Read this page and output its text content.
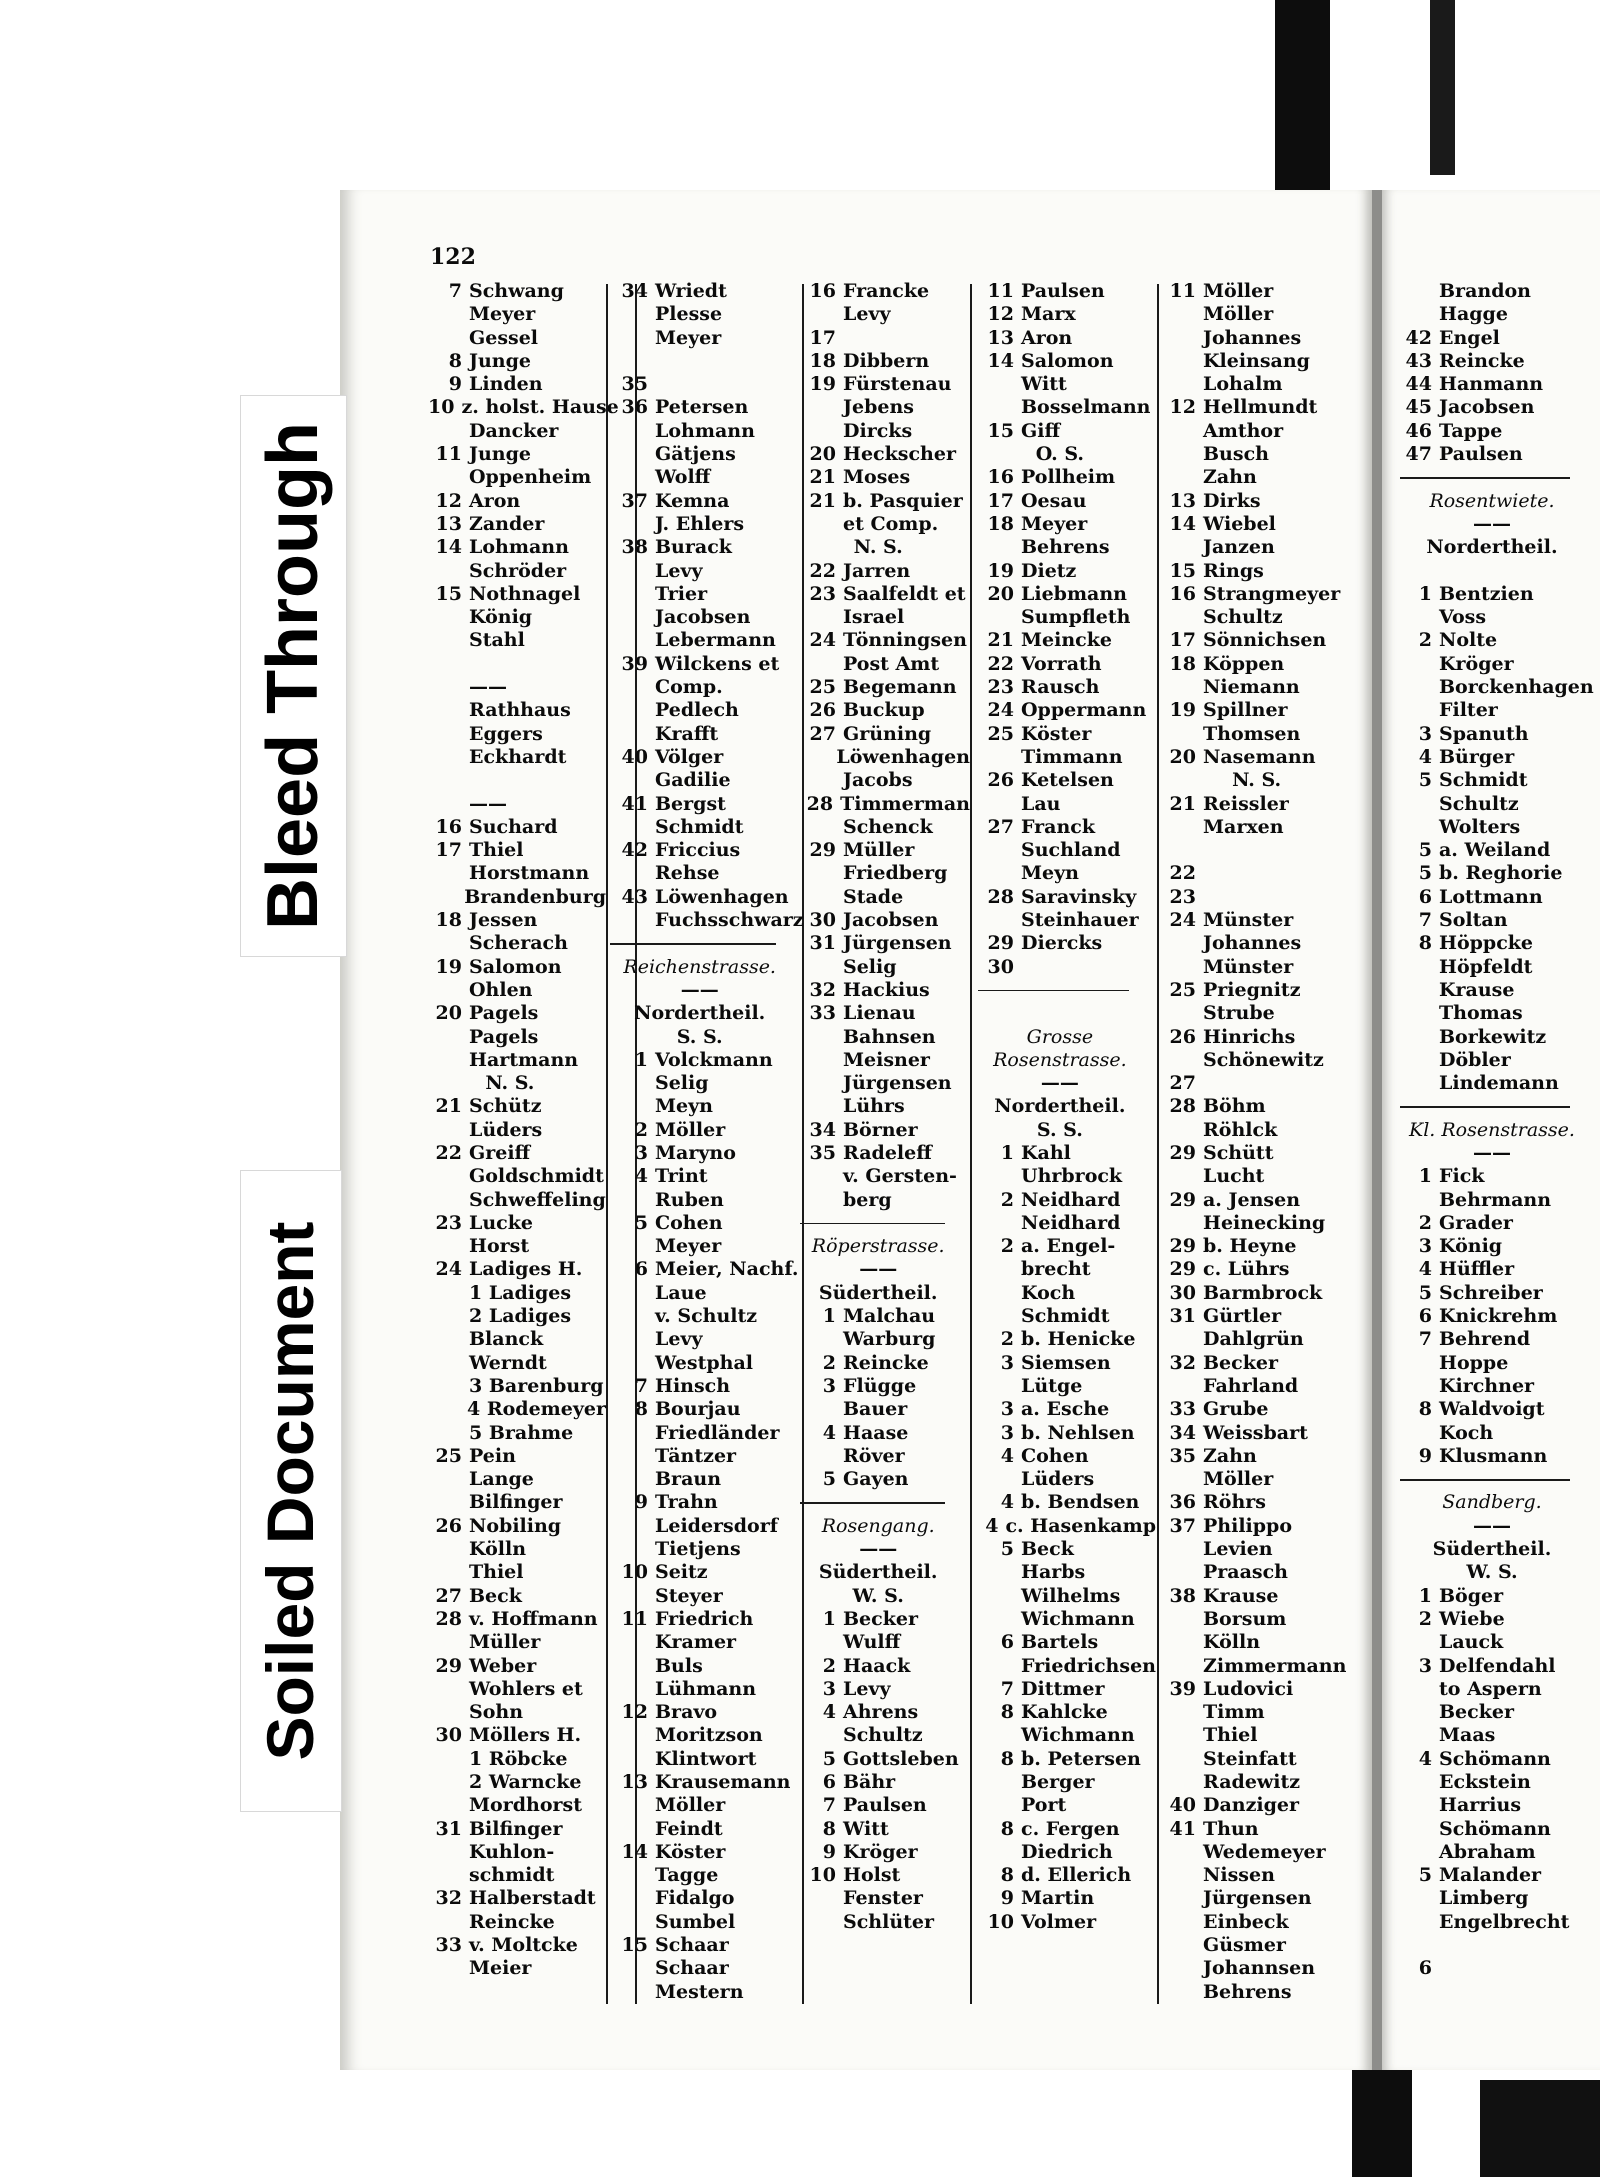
Bleed Through
Soiled Document
122
7 Schwang
Meyer
Gessel
8 Junge
9 Linden
10 z. holst. Hause
Dancker
11 Junge
Oppenheim
12 Aron
13 Zander
14 Lohmann
Schröder
15 Nothnagel
König
Stahl
——
Rathhaus
Eggers
Eckhardt
——
16 Suchard
17 Thiel
Horstmann
Brandenburg
18 Jessen
Scherach
19 Salomon
Ohlen
20 Pagels
Pagels
Hartmann
N. S.
21 Schütz
Lüders
22 Greiff
Goldschmidt
Schweffeling
23 Lucke
Horst
24 Ladiges H.
1 Ladiges
2 Ladiges
Blanck
Werndt
3 Barenburg
4 Rodemeyer
5 Brahme
25 Pein
Lange
Bilfinger
26 Nobiling
Kölln
Thiel
27 Beck
28 v. Hoffmann
Müller
29 Weber
Wohlers et
Sohn
30 Möllers H.
1 Röbcke
2 Warncke
Mordhorst
31 Bilfinger
Kuhlon-
schmidt
32 Halberstadt
Reincke
33 v. Moltcke
Meier
34 Wriedt
Plesse
Meyer
35
36 Petersen
Lohmann
Gätjens
Wolff
37 Kemna
J. Ehlers
38 Burack
Levy
Trier
Jacobsen
Lebermann
39 Wilckens et
Comp.
Pedlech
Krafft
40 Völger
Gadilie
41 Bergst
Schmidt
42 Friccius
Rehse
43 Löwenhagen
Fuchsschwarz
Reichenstrasse.
——
Nordertheil.
S. S.
1 Volckmann
Selig
Meyn
2 Möller
3 Maryno
4 Trint
Ruben
5 Cohen
Meyer
6 Meier, Nachf.
Laue
v. Schultz
Levy
Westphal
7 Hinsch
8 Bourjau
Friedländer
Täntzer
Braun
9 Trahn
Leidersdorf
Tietjens
10 Seitz
Steyer
11 Friedrich
Kramer
Buls
Lühmann
12 Bravo
Moritzson
Klintwort
13 Krausemann
Möller
Feindt
14 Köster
Tagge
Fidalgo
Sumbel
15 Schaar
Schaar
Mestern
16 Francke
Levy
17
18 Dibbern
19 Fürstenau
Jebens
Dircks
20 Heckscher
21 Moses
21 b. Pasquier
et Comp.
N. S.
22 Jarren
23 Saalfeldt et
Israel
24 Tönningsen
Post Amt
25 Begemann
26 Buckup
27 Grüning
Löwenhagen
Jacobs
28 Timmerman
Schenck
29 Müller
Friedberg
Stade
30 Jacobsen
31 Jürgensen
Selig
32 Hackius
33 Lienau
Bahnsen
Meisner
Jürgensen
Lührs
34 Börner
35 Radeleff
v. Gersten-
berg
Röperstrasse.
——
Südertheil.
1 Malchau
Warburg
2 Reincke
3 Flügge
Bauer
4 Haase
Röver
5 Gayen
Rosengang.
——
Südertheil.
W. S.
1 Becker
Wulff
2 Haack
3 Levy
4 Ahrens
Schultz
5 Gottsleben
6 Bähr
7 Paulsen
8 Witt
9 Kröger
10 Holst
Fenster
Schlüter
11 Paulsen
12 Marx
13 Aron
14 Salomon
Witt
Bosselmann
15 Giff
O. S.
16 Pollheim
17 Oesau
18 Meyer
Behrens
19 Dietz
20 Liebmann
Sumpfleth
21 Meincke
22 Vorrath
23 Rausch
24 Oppermann
25 Köster
Timmann
26 Ketelsen
Lau
27 Franck
Suchland
Meyn
28 Saravinsky
Steinhauer
29 Diercks
30
Grosse
Rosenstrasse.
——
Nordertheil.
S. S.
1 Kahl
Uhrbrock
2 Neidhard
Neidhard
2 a. Engel-
brecht
Koch
Schmidt
2 b. Henicke
3 Siemsen
Lütge
3 a. Esche
3 b. Nehlsen
4 Cohen
Lüders
4 b. Bendsen
4 c. Hasenkamp
5 Beck
Harbs
Wilhelms
Wichmann
6 Bartels
Friedrichsen
7 Dittmer
8 Kahlcke
Wichmann
8 b. Petersen
Berger
Port
8 c. Fergen
Diedrich
8 d. Ellerich
9 Martin
10 Volmer
11 Möller
Möller
Johannes
Kleinsang
Lohalm
12 Hellmundt
Amthor
Busch
Zahn
13 Dirks
14 Wiebel
Janzen
15 Rings
16 Strangmeyer
Schultz
17 Sönnichsen
18 Köppen
Niemann
19 Spillner
Thomsen
20 Nasemann
N. S.
21 Reissler
Marxen
22
23
24 Münster
Johannes
Münster
25 Priegnitz
Strube
26 Hinrichs
Schönewitz
27
28 Böhm
Röhlck
29 Schütt
Lucht
29 a. Jensen
Heinecking
29 b. Heyne
29 c. Lührs
30 Barmbrock
31 Gürtler
Dahlgrün
32 Becker
Fahrland
33 Grube
34 Weissbart
35 Zahn
Möller
36 Röhrs
37 Philippo
Levien
Praasch
38 Krause
Borsum
Kölln
Zimmermann
39 Ludovici
Timm
Thiel
Steinfatt
Radewitz
40 Danziger
41 Thun
Wedemeyer
Nissen
Jürgensen
Einbeck
Güsmer
Johannsen
Behrens
Brandon
Hagge
42 Engel
43 Reincke
44 Hanmann
45 Jacobsen
46 Tappe
47 Paulsen
Rosentwiete.
——
Nordertheil.
1 Bentzien
Voss
2 Nolte
Kröger
Borckenhagen
Filter
3 Spanuth
4 Bürger
5 Schmidt
Schultz
Wolters
5 a. Weiland
5 b. Reghorie
6 Lottmann
7 Soltan
8 Höppcke
Höpfeldt
Krause
Thomas
Borkewitz
Döbler
Lindemann
Kl. Rosenstrasse.
——
1 Fick
Behrmann
2 Grader
3 König
4 Hüffler
5 Schreiber
6 Knickrehm
7 Behrend
Hoppe
Kirchner
8 Waldvoigt
Koch
9 Klusmann
Sandberg.
——
Südertheil.
W. S.
1 Böger
2 Wiebe
Lauck
3 Delfendahl
to Aspern
Becker
Maas
4 Schömann
Eckstein
Harrius
Schömann
Abraham
5 Malander
Limberg
Engelbrecht
6
